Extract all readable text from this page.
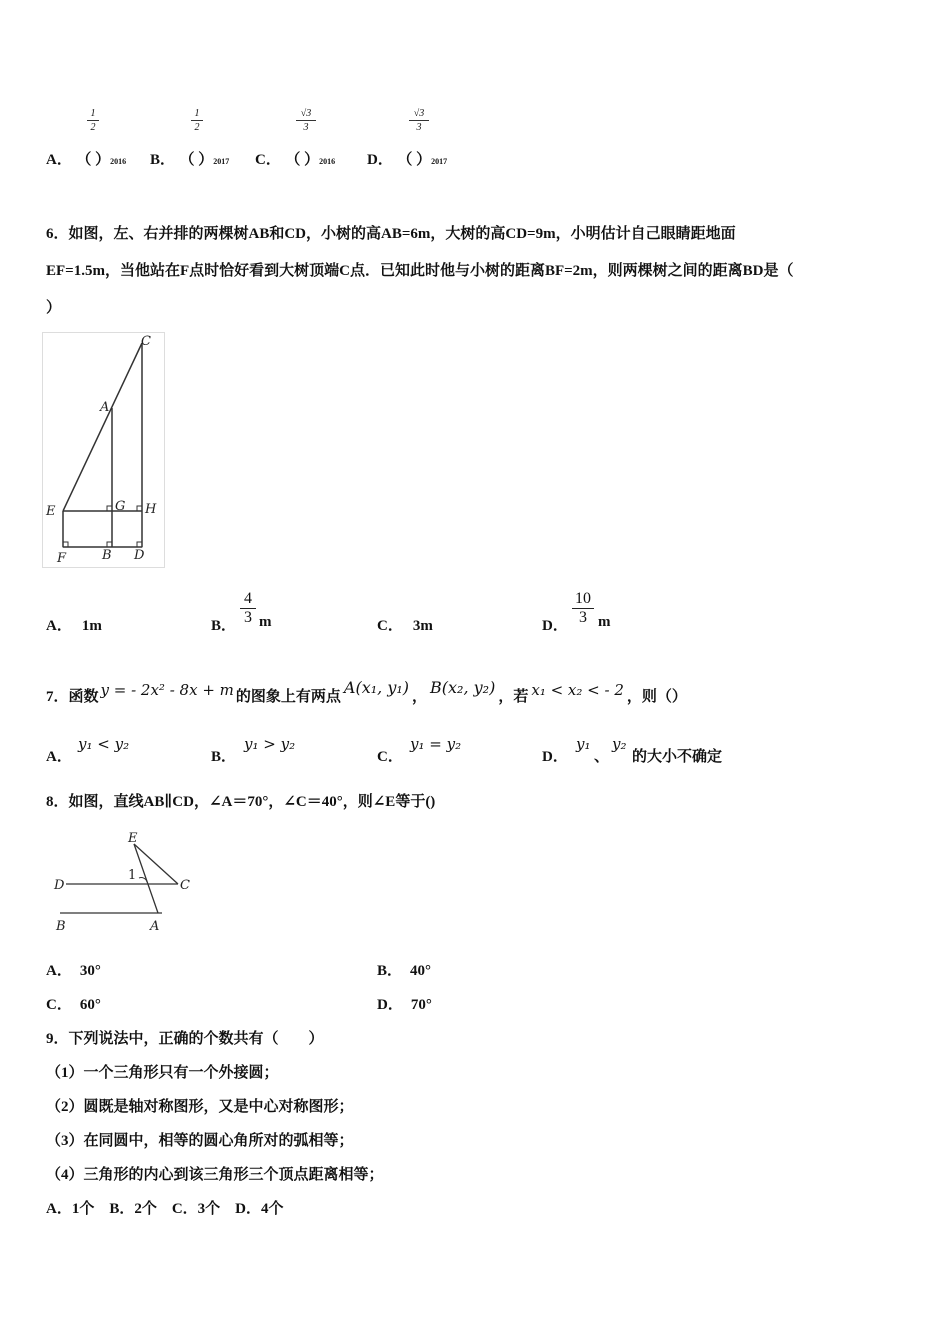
1
2
A． （ ）2016
1
2
B． （ ）2017
√3
3
C． （ ）2016
√3
3
D． （ ）2017
6．如图，左、右并排的两棵树AB和CD，小树的高AB=6m，大树的高CD=9m，小明估计自己眼睛距地面
EF=1.5m，当他站在F点时恰好看到大树顶端C点．已知此时他与小树的距离BF=2m，则两棵树之间的距离BD是（
）
C
A
E	G H
F	B D
A． 1m	B． $\frac{4}{3}$ m	C． 3m	D． $\frac{10}{3}$ m
7．函数 y = - 2x² - 8x + m 的图象上有两点 A(x₁, y₁) ， B(x₂, y₂) ，若 x₁ < x₂ < - 2 ，则（）
A．
y₁ < y₂
B．
y₁ > y₂
C．
y₁ = y₂
D．
y₁
、
y₂
的大小不确定
8．如图，直线AB∥CD，∠A＝70°，∠C＝40°，则∠E等于()
E
1
D	C
B	A
A． 30°	B． 40°
C． 60°	D． 70°
9．下列说法中，正确的个数共有（　　）
（1）一个三角形只有一个外接圆；
（2）圆既是轴对称图形，又是中心对称图形；
（3）在同圆中，相等的圆心角所对的弧相等；
（4）三角形的内心到该三角形三个顶点距离相等；
A．1个　B．2个　C．3个　D．4个
